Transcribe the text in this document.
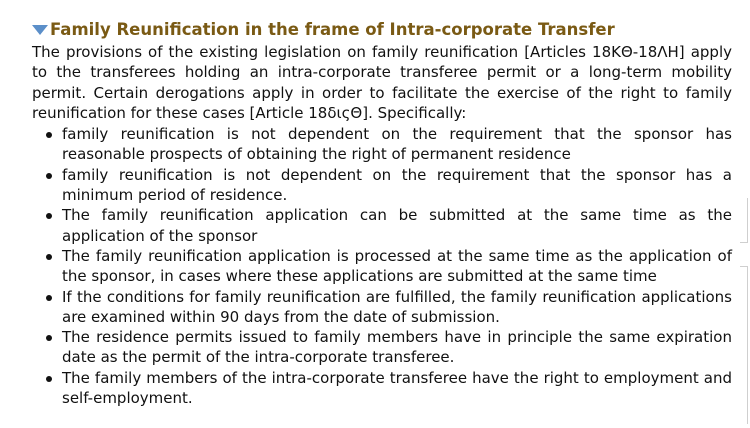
Family Reunification in the frame of Intra-corporate Transfer

The provisions of the existing legislation on family reunification [Articles 18ΚΘ-18ΛΗ] apply to the transferees holding an intra-corporate transferee permit or a long-term mobility permit. Certain derogations apply in order to facilitate the exercise of the right to family reunification for these cases [Article 18διςΘ]. Specifically:

family reunification is not dependent on the requirement that the sponsor has reasonable prospects of obtaining the right of permanent residence
family reunification is not dependent on the requirement that the sponsor has a minimum period of residence.
The family reunification application can be submitted at the same time as the application of the sponsor
The family reunification application is processed at the same time as the application of the sponsor, in cases where these applications are submitted at the same time
If the conditions for family reunification are fulfilled, the family reunification applications are examined within 90 days from the date of submission.
The residence permits issued to family members have in principle the same expiration date as the permit of the intra-corporate transferee.
The family members of the intra-corporate transferee have the right to employment and self-employment.
